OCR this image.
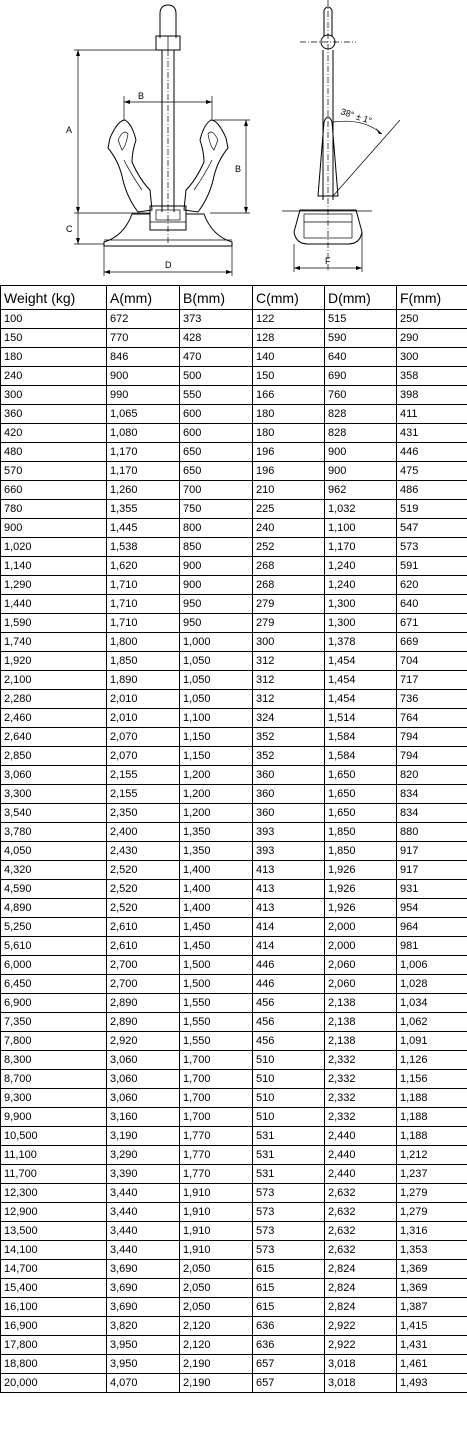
A
C
B
B
D
38° ± 1°
F
Weight (kg)	A(mm)	B(mm)	C(mm)	D(mm)	F(mm)
100	672	373	122	515	250
150	770	428	128	590	290
180	846	470	140	640	300
240	900	500	150	690	358
300	990	550	166	760	398
360	1,065	600	180	828	411
420	1,080	600	180	828	431
480	1,170	650	196	900	446
570	1,170	650	196	900	475
660	1,260	700	210	962	486
780	1,355	750	225	1,032	519
900	1,445	800	240	1,100	547
1,020	1,538	850	252	1,170	573
1,140	1,620	900	268	1,240	591
1,290	1,710	900	268	1,240	620
1,440	1,710	950	279	1,300	640
1,590	1,710	950	279	1,300	671
1,740	1,800	1,000	300	1,378	669
1,920	1,850	1,050	312	1,454	704
2,100	1,890	1,050	312	1,454	717
2,280	2,010	1,050	312	1,454	736
2,460	2,010	1,100	324	1,514	764
2,640	2,070	1,150	352	1,584	794
2,850	2,070	1,150	352	1,584	794
3,060	2,155	1,200	360	1,650	820
3,300	2,155	1,200	360	1,650	834
3,540	2,350	1,200	360	1,650	834
3,780	2,400	1,350	393	1,850	880
4,050	2,430	1,350	393	1,850	917
4,320	2,520	1,400	413	1,926	917
4,590	2,520	1,400	413	1,926	931
4,890	2,520	1,400	413	1,926	954
5,250	2,610	1,450	414	2,000	964
5,610	2,610	1,450	414	2,000	981
6,000	2,700	1,500	446	2,060	1,006
6,450	2,700	1,500	446	2,060	1,028
6,900	2,890	1,550	456	2,138	1,034
7,350	2,890	1,550	456	2,138	1,062
7,800	2,920	1,550	456	2,138	1,091
8,300	3,060	1,700	510	2,332	1,126
8,700	3,060	1,700	510	2,332	1,156
9,300	3,060	1,700	510	2,332	1,188
9,900	3,160	1,700	510	2,332	1,188
10,500	3,190	1,770	531	2,440	1,188
11,100	3,290	1,770	531	2,440	1,212
11,700	3,390	1,770	531	2,440	1,237
12,300	3,440	1,910	573	2,632	1,279
12,900	3,440	1,910	573	2,632	1,279
13,500	3,440	1,910	573	2,632	1,316
14,100	3,440	1,910	573	2,632	1,353
14,700	3,690	2,050	615	2,824	1,369
15,400	3,690	2,050	615	2,824	1,369
16,100	3,690	2,050	615	2,824	1,387
16,900	3,820	2,120	636	2,922	1,415
17,800	3,950	2,120	636	2,922	1,431
18,800	3,950	2,190	657	3,018	1,461
20,000	4,070	2,190	657	3,018	1,493
